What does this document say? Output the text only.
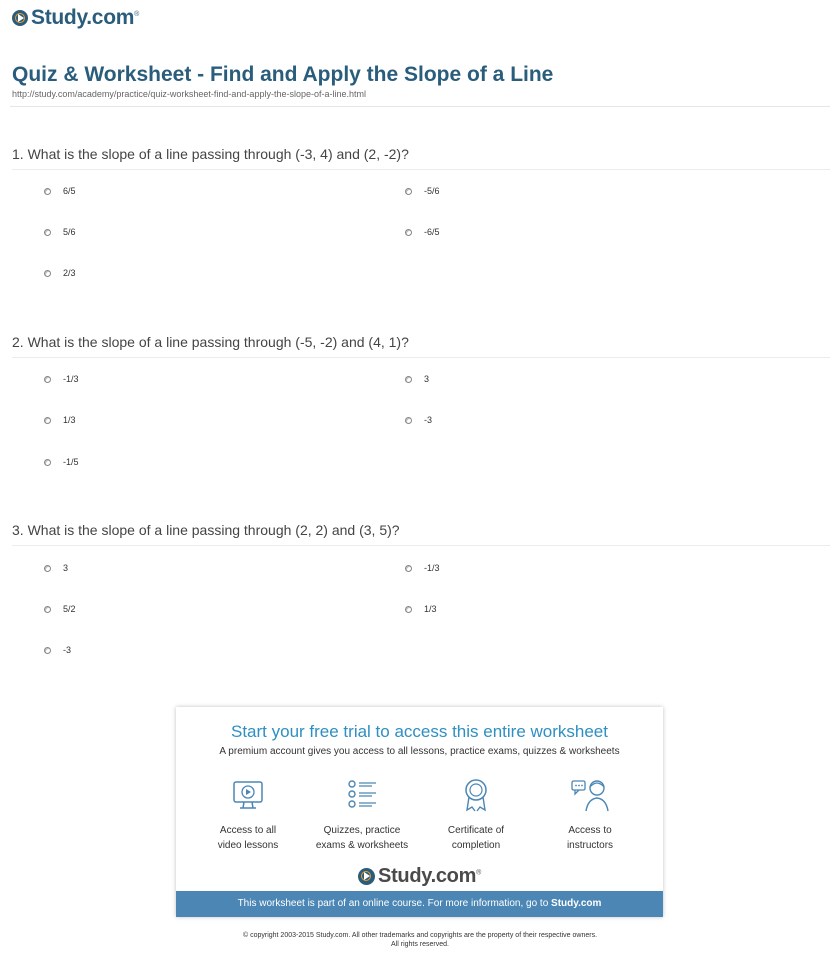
Study.com®
Quiz & Worksheet - Find and Apply the Slope of a Line
http://study.com/academy/practice/quiz-worksheet-find-and-apply-the-slope-of-a-line.html

1. What is the slope of a line passing through (-3, 4) and (2, -2)?

6/5	-5/6
5/6	-6/5
2/3

2. What is the slope of a line passing through (-5, -2) and (4, 1)?

-1/3	3
1/3	-3
-1/5

3. What is the slope of a line passing through (2, 2) and (3, 5)?

3	-1/3
5/2	1/3
-3
Start your free trial to access this entire worksheet
A premium account gives you access to all lessons, practice exams, quizzes & worksheets
Access to all
video lessons
Quizzes, practice
exams & worksheets
Certificate of
completion
Access to
instructors
Study.com®
This worksheet is part of an online course. For more information, go to Study.com
© copyright 2003-2015 Study.com. All other trademarks and copyrights are the property of their respective owners.
All rights reserved.
